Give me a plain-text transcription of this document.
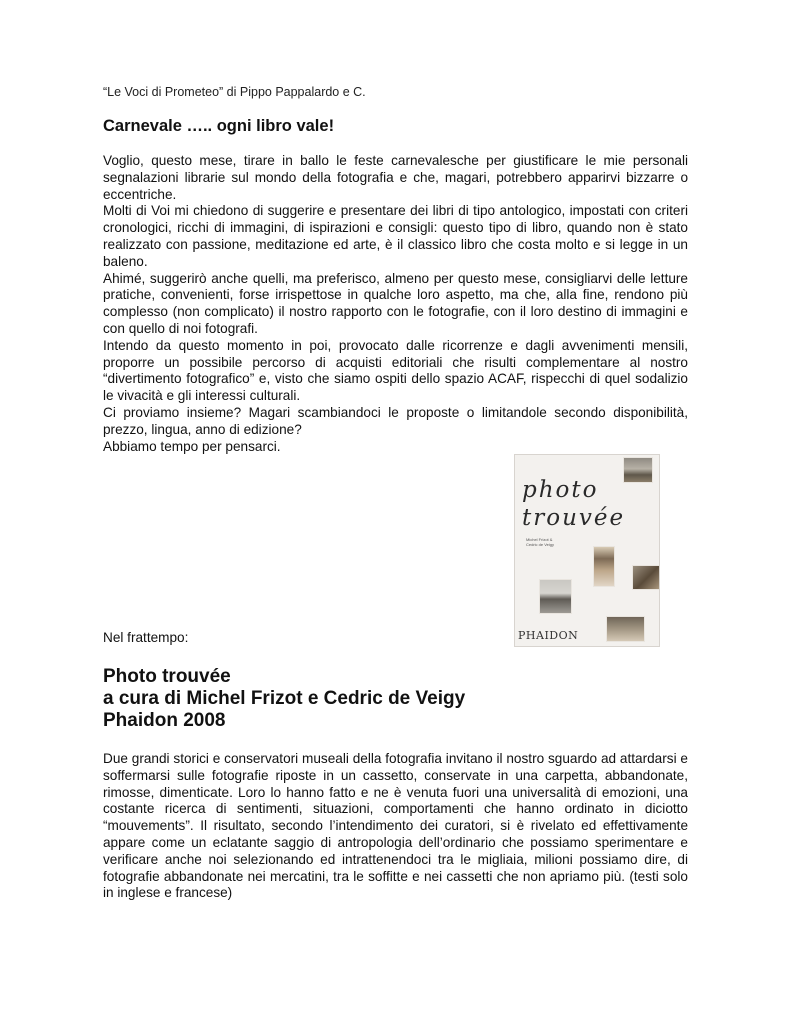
“Le Voci di Prometeo” di Pippo Pappalardo e C.
Carnevale ….. ogni libro vale!

Voglio, questo mese, tirare in ballo le feste carnevalesche per giustificare le mie personali segnalazioni librarie sul mondo della fotografia e che, magari, potrebbero apparirvi bizzarre o eccentriche.

Molti di Voi mi chiedono di suggerire e presentare dei libri di tipo antologico, impostati con criteri cronologici, ricchi di immagini, di ispirazioni e consigli: questo tipo di libro, quando non è stato realizzato con passione, meditazione ed arte, è il classico libro che costa molto e si legge in un baleno.

Ahimé, suggerirò anche quelli, ma preferisco, almeno per questo mese, consigliarvi delle letture pratiche, convenienti, forse irrispettose in qualche loro aspetto, ma che, alla fine, rendono più complesso (non complicato) il nostro rapporto con le fotografie, con il loro destino di immagini e con quello di noi fotografi.

Intendo da questo momento in poi, provocato dalle ricorrenze e dagli avvenimenti mensili, proporre un possibile percorso di acquisti editoriali che risulti complementare al nostro “divertimento fotografico” e, visto che siamo ospiti dello spazio ACAF, rispecchi di quel sodalizio le vivacità e gli interessi culturali.

Ci proviamo insieme? Magari scambiandoci le proposte o limitandole secondo disponibilità, prezzo, lingua, anno di edizione?

Abbiamo tempo per pensarci.

photo
trouvée
Michel Frizot &
Cedric de Veigy
PHAIDON
Nel frattempo:
Photo trouvée
a cura di Michel Frizot e Cedric de Veigy
Phaidon 2008

Due grandi storici e conservatori museali della fotografia invitano il nostro sguardo ad attardarsi e soffermarsi sulle fotografie riposte in un cassetto, conservate in una carpetta, abbandonate, rimosse, dimenticate. Loro lo hanno fatto e ne è venuta fuori una universalità di emozioni, una costante ricerca di sentimenti, situazioni, comportamenti che hanno ordinato in diciotto “mouvements”. Il risultato, secondo l’intendimento dei curatori, si è rivelato ed effettivamente appare come un eclatante saggio di antropologia dell’ordinario che possiamo sperimentare e verificare anche noi selezionando ed intrattenendoci tra le migliaia, milioni possiamo dire, di fotografie abbandonate nei mercatini, tra le soffitte e nei cassetti che non apriamo più. (testi solo in inglese e francese)
